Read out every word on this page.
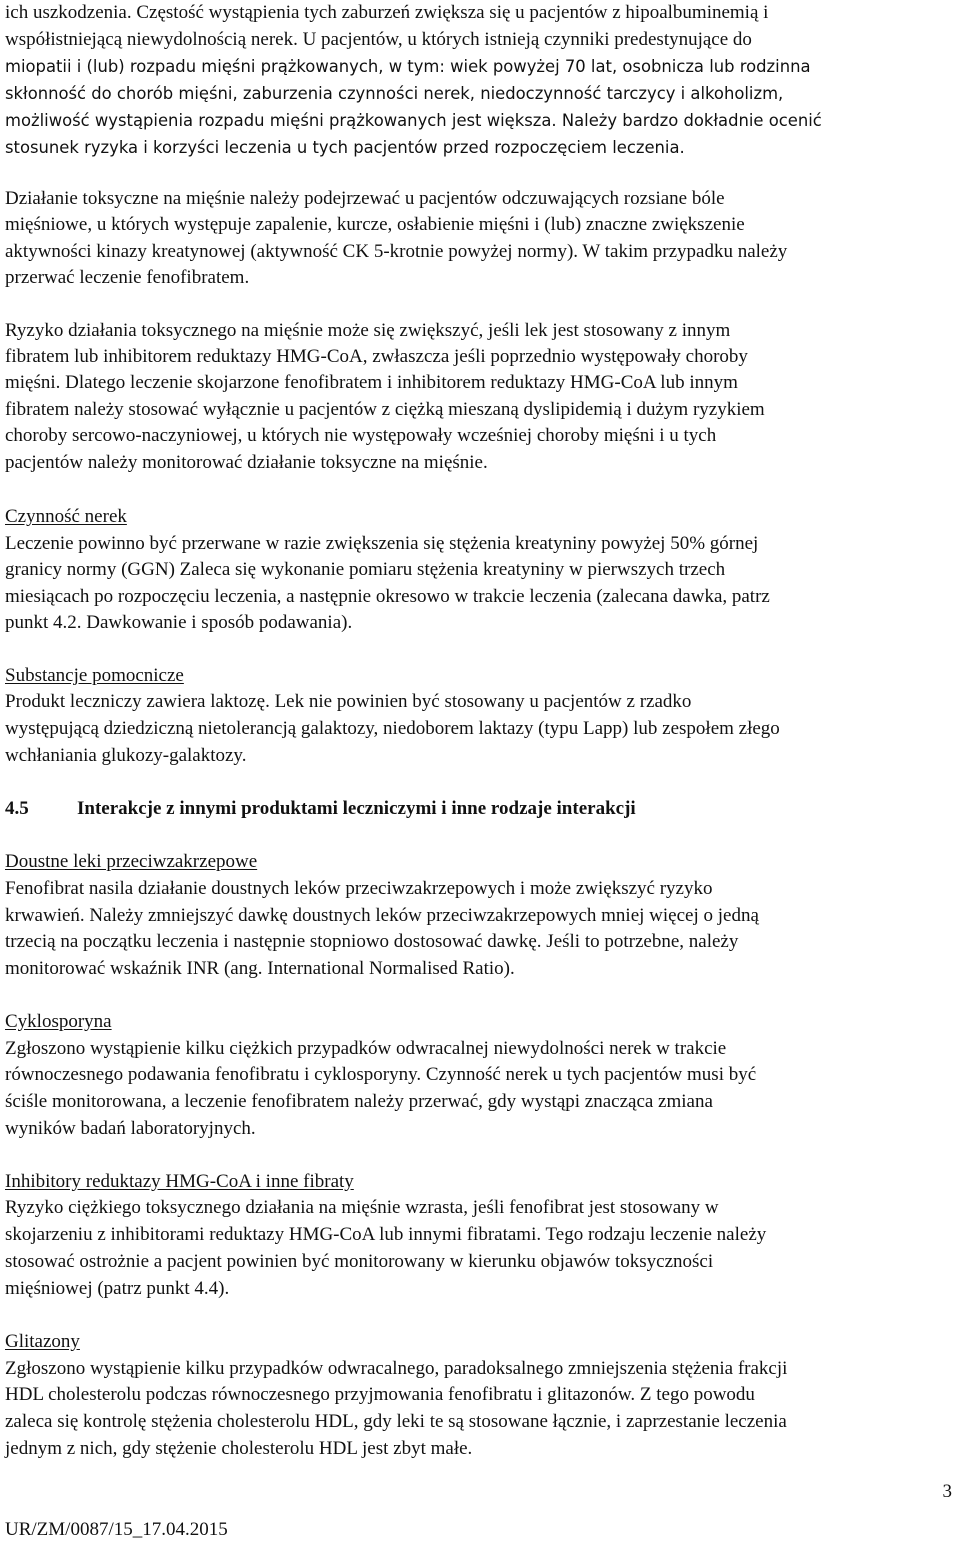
ich uszkodzenia. Częstość wystąpienia tych zaburzeń zwiększa się u pacjentów z hipoalbuminemią i
współistniejącą niewydolnością nerek. U pacjentów, u których istnieją czynniki predestynujące do
miopatii i (lub) rozpadu mięśni prążkowanych, w tym: wiek powyżej 70 lat, osobnicza lub rodzinna
skłonność do chorób mięśni, zaburzenia czynności nerek, niedoczynność tarczycy i alkoholizm,
możliwość wystąpienia rozpadu mięśni prążkowanych jest większa. Należy bardzo dokładnie ocenić
stosunek ryzyka i korzyści leczenia u tych pacjentów przed rozpoczęciem leczenia.
Działanie toksyczne na mięśnie należy podejrzewać u pacjentów odczuwających rozsiane bóle
mięśniowe, u których występuje zapalenie, kurcze, osłabienie mięśni i (lub) znaczne zwiększenie
aktywności kinazy kreatynowej (aktywność CK 5-krotnie powyżej normy). W takim przypadku należy
przerwać leczenie fenofibratem.
Ryzyko działania toksycznego na mięśnie może się zwiększyć, jeśli lek jest stosowany z innym
fibratem lub inhibitorem reduktazy HMG-CoA, zwłaszcza jeśli poprzednio występowały choroby
mięśni. Dlatego leczenie skojarzone fenofibratem i inhibitorem reduktazy HMG-CoA lub innym
fibratem należy stosować wyłącznie u pacjentów z ciężką mieszaną dyslipidemią i dużym ryzykiem
choroby sercowo-naczyniowej, u których nie występowały wcześniej choroby mięśni i u tych
pacjentów należy monitorować działanie toksyczne na mięśnie.
Czynność nerek
Leczenie powinno być przerwane w razie zwiększenia się stężenia kreatyniny powyżej 50% górnej
granicy normy (GGN) Zaleca się wykonanie pomiaru stężenia kreatyniny w pierwszych trzech
miesiącach po rozpoczęciu leczenia, a następnie okresowo w trakcie leczenia (zalecana dawka, patrz
punkt 4.2. Dawkowanie i sposób podawania).
Substancje pomocnicze
Produkt leczniczy zawiera laktozę. Lek nie powinien być stosowany u pacjentów z rzadko
występującą dziedziczną nietolerancją galaktozy, niedoborem laktazy (typu Lapp) lub zespołem złego
wchłaniania glukozy-galaktozy.
4.5	Interakcje z innymi produktami leczniczymi i inne rodzaje interakcji
Doustne leki przeciwzakrzepowe
Fenofibrat nasila działanie doustnych leków przeciwzakrzepowych i może zwiększyć ryzyko
krwawień. Należy zmniejszyć dawkę doustnych leków przeciwzakrzepowych mniej więcej o jedną
trzecią na początku leczenia i następnie stopniowo dostosować dawkę. Jeśli to potrzebne, należy
monitorować wskaźnik INR (ang. International Normalised Ratio).
Cyklosporyna
Zgłoszono wystąpienie kilku ciężkich przypadków odwracalnej niewydolności nerek w trakcie
równoczesnego podawania fenofibratu i cyklosporyny. Czynność nerek u tych pacjentów musi być
ściśle monitorowana, a leczenie fenofibratem należy przerwać, gdy wystąpi znacząca zmiana
wyników badań laboratoryjnych.
Inhibitory reduktazy HMG-CoA i inne fibraty
Ryzyko ciężkiego toksycznego działania na mięśnie wzrasta, jeśli fenofibrat jest stosowany w
skojarzeniu z inhibitorami reduktazy HMG-CoA lub innymi fibratami. Tego rodzaju leczenie należy
stosować ostrożnie a pacjent powinien być monitorowany w kierunku objawów toksyczności
mięśniowej (patrz punkt 4.4).
Glitazony
Zgłoszono wystąpienie kilku przypadków odwracalnego, paradoksalnego zmniejszenia stężenia frakcji
HDL cholesterolu podczas równoczesnego przyjmowania fenofibratu i glitazonów. Z tego powodu
zaleca się kontrolę stężenia cholesterolu HDL, gdy leki te są stosowane łącznie, i zaprzestanie leczenia
jednym z nich, gdy stężenie cholesterolu HDL jest zbyt małe.
3
UR/ZM/0087/15_17.04.2015
